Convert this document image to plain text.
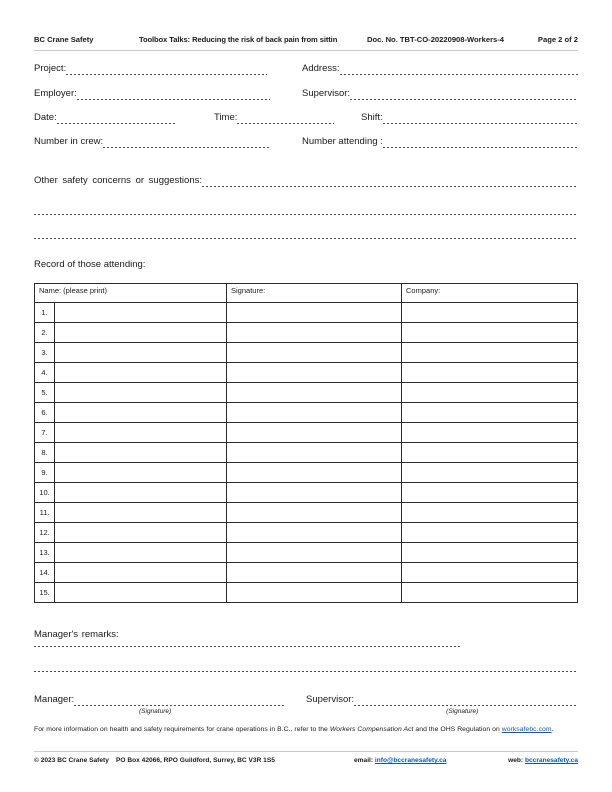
BC Crane Safety	Toolbox Talks: Reducing the risk of back pain from sittin	Doc. No. TBT-CO-20220908-Workers-4	Page 2 of 2
Project:	Address:
Employer:	Supervisor:
Date:	Time:	Shift:
Number in crew:	Number attending :
Other safety concerns or suggestions:
Record of those attending:
Name: (please print)		Signature:	Company:
1.			
2.			
3.			
4.			
5.			
6.			
7.			
8.			
9.			
10.			
11.			
12.			
13.			
14.			
15.			
Manager's remarks:
Manager:	Supervisor:
(Signature)	(Signature)
For more information on health and safety requirements for crane operations in B.C., refer to the Workers Compensation Act and the OHS Regulation on worksafebc.com.
© 2023 BC Crane Safety	PO Box 42066, RPO Guildford, Surrey, BC V3R 1S5	email: info@bccranesafety.ca	web: bccranesafety.ca
